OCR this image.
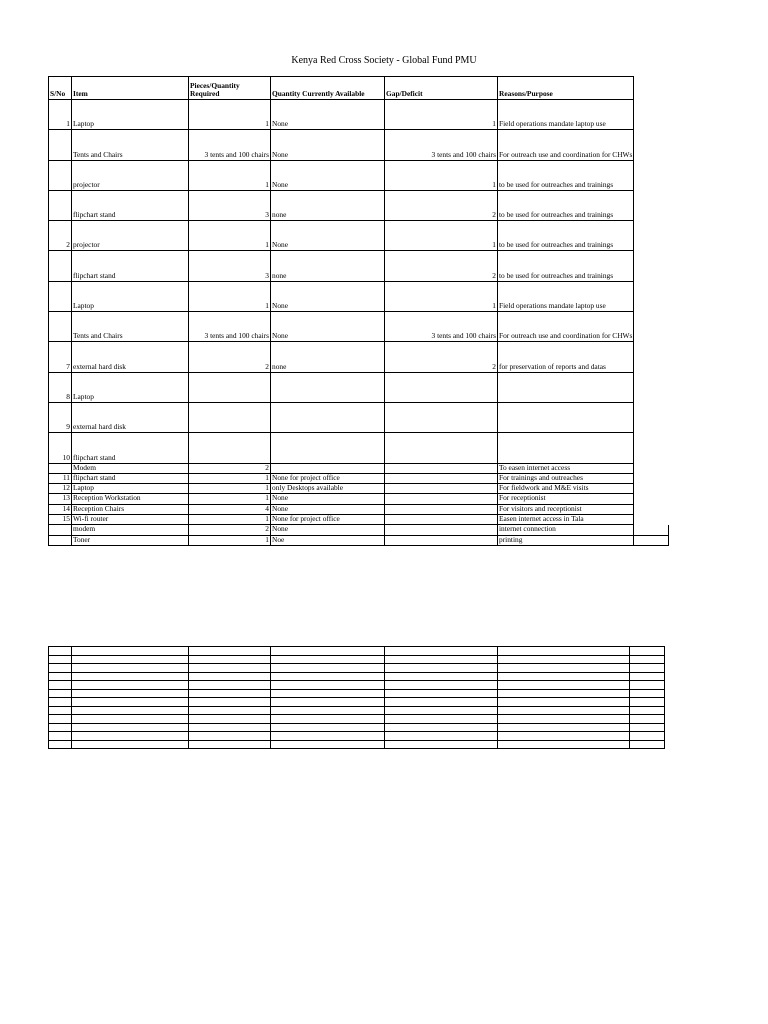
Kenya Red Cross Society - Global Fund PMU
S/No	Item	Pieces/Quantity Required	Quantity Currently Available	Gap/Deficit	Reasons/Purpose	
1	Laptop	1	None	1	Field operations mandate laptop use	
	Tents and Chairs	3 tents and 100 chairs	None	3 tents and 100 chairs	For outreach use and coordination for CHWs	
	projector	1	None	1	to be used for outreaches and trainings	
	flipchart stand	3	none	2	to be used for outreaches and trainings	
2	projector	1	None	1	to be used for outreaches and trainings	
	flipchart stand	3	none	2	to be used for outreaches and trainings	
	Laptop	1	None	1	Field operations mandate laptop use	
	Tents and Chairs	3 tents and 100 chairs	None	3 tents and 100 chairs	For outreach use and coordination for CHWs	
7	external hard disk	2	none	2	for preservation of reports and datas	
8	Laptop					
9	external hard disk					
10	flipchart stand					
	Modem	2			To easen internet access	
11	flipchart stand	1	None for project office		For trainings and outreaches	
12	Laptop	1	only Desktops available		For fieldwork and M&E visits	
13	Reception Workstation	1	None		For receptionist	
14	Reception Chairs	4	None		For visitors and receptionist	
15	Wi-fi router	1	None for project office		Easen internet access in Tala	
	modem	2	None		internet connection	
	Toner	1	Noe		printing	
